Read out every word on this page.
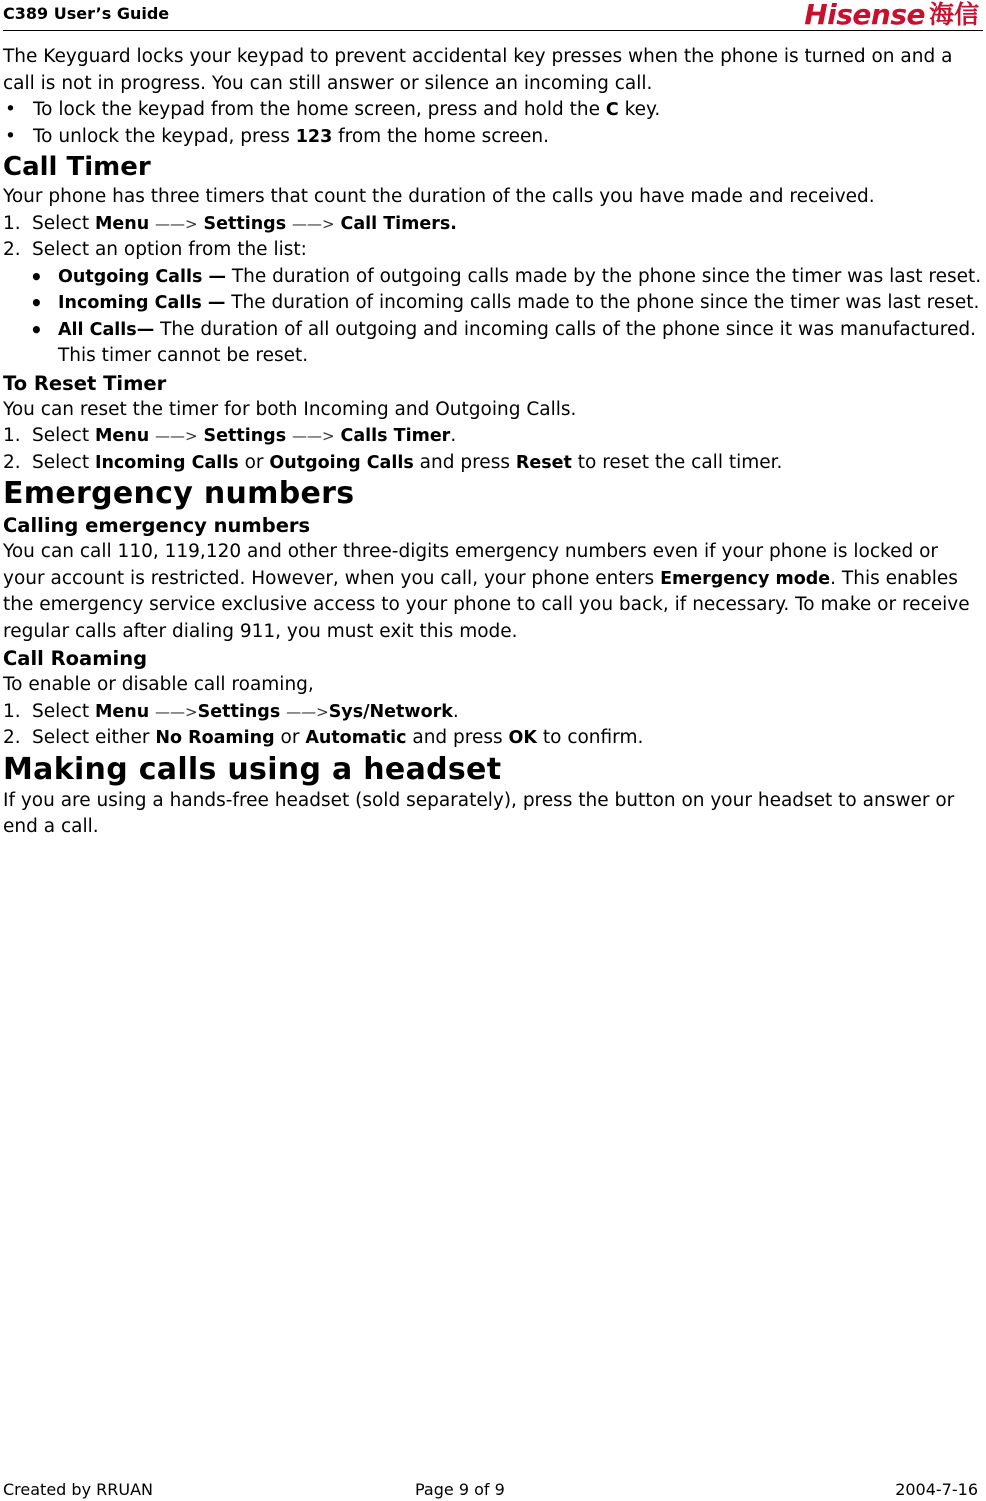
C389 User’s Guide	Hisense 海信

The Keyguard locks your keypad to prevent accidental key presses when the phone is turned on and a call is not in progress. You can still answer or silence an incoming call.

• To lock the keypad from the home screen, press and hold the C key.

• To unlock the keypad, press 123 from the home screen.

Call Timer

Your phone has three timers that count the duration of the calls you have made and received.

1. Select Menu ——> Settings ——> Call Timers.

2. Select an option from the list:

• Outgoing Calls — The duration of outgoing calls made by the phone since the timer was last reset.

• Incoming Calls — The duration of incoming calls made to the phone since the timer was last reset.

• All Calls— The duration of all outgoing and incoming calls of the phone since it was manufactured. This timer cannot be reset.

To Reset Timer

You can reset the timer for both Incoming and Outgoing Calls.

1. Select Menu ——> Settings ——> Calls Timer.

2. Select Incoming Calls or Outgoing Calls and press Reset to reset the call timer.

Emergency numbers

Calling emergency numbers

You can call 110, 119,120 and other three-digits emergency numbers even if your phone is locked or your account is restricted. However, when you call, your phone enters Emergency mode. This enables the emergency service exclusive access to your phone to call you back, if necessary. To make or receive regular calls after dialing 911, you must exit this mode.

Call Roaming

To enable or disable call roaming,

1. Select Menu ——>Settings ——>Sys/Network.

2. Select either No Roaming or Automatic and press OK to confirm.

Making calls using a headset

If you are using a hands-free headset (sold separately), press the button on your headset to answer or end a call.

Created by RRUAN	Page 9 of 9	2004-7-16
